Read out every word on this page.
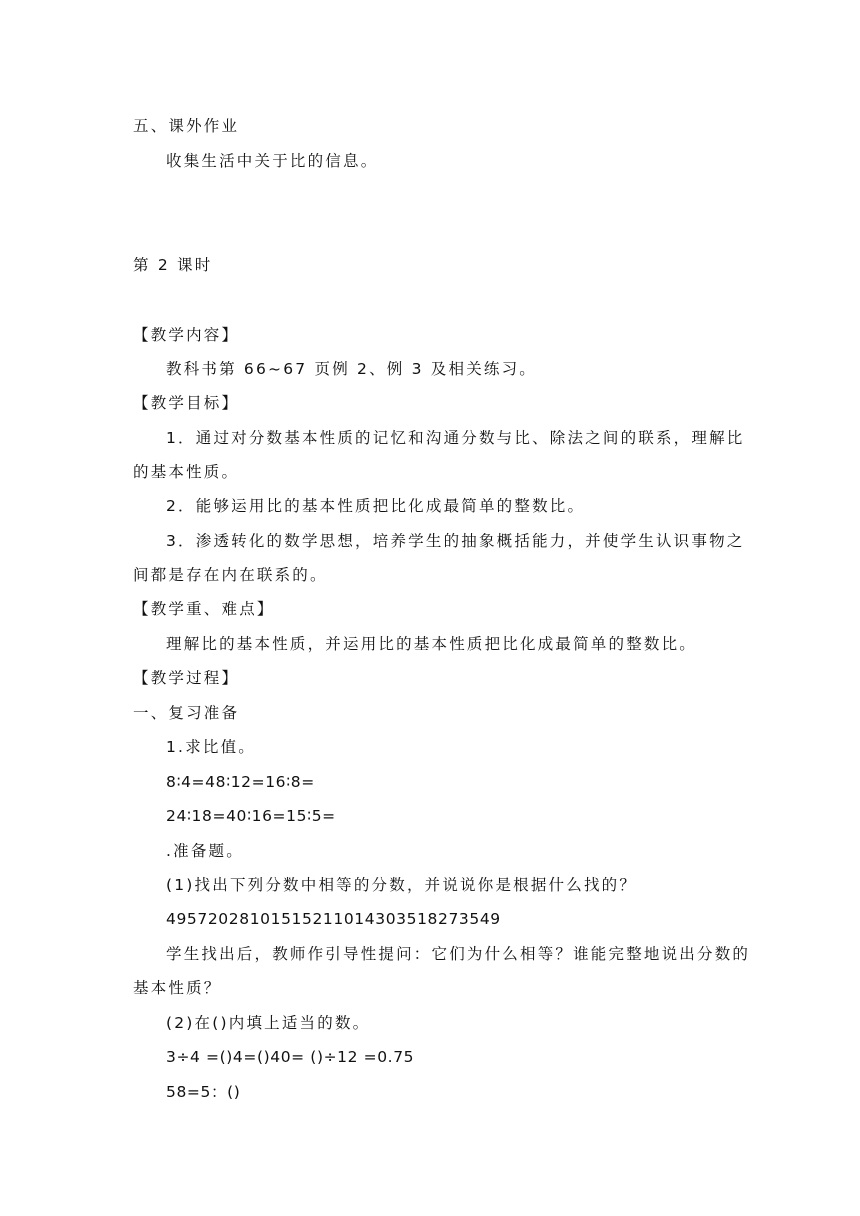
五、课外作业
收集生活中关于比的信息。
第 2 课时
【教学内容】
教科书第 66~67 页例 2、例 3 及相关练习。
【教学目标】
1．通过对分数基本性质的记忆和沟通分数与比、除法之间的联系，理解比
的基本性质。
2．能够运用比的基本性质把比化成最简单的整数比。
3．渗透转化的数学思想，培养学生的抽象概括能力，并使学生认识事物之
间都是存在内在联系的。
【教学重、难点】
理解比的基本性质，并运用比的基本性质把比化成最简单的整数比。
【教学过程】
一、复习准备
1.求比值。
8∶4=48∶12=16∶8=
24∶18=40∶16=15∶5=
.准备题。
(1)找出下列分数中相等的分数，并说说你是根据什么找的？
4957202810151521101430351827354​9
学生找出后，教师作引导性提问：它们为什么相等？谁能完整地说出分数的
基本性质？
(2)在()内填上适当的数。
3÷4 =()4=()40= ()÷12 =0.75
58=5：()
